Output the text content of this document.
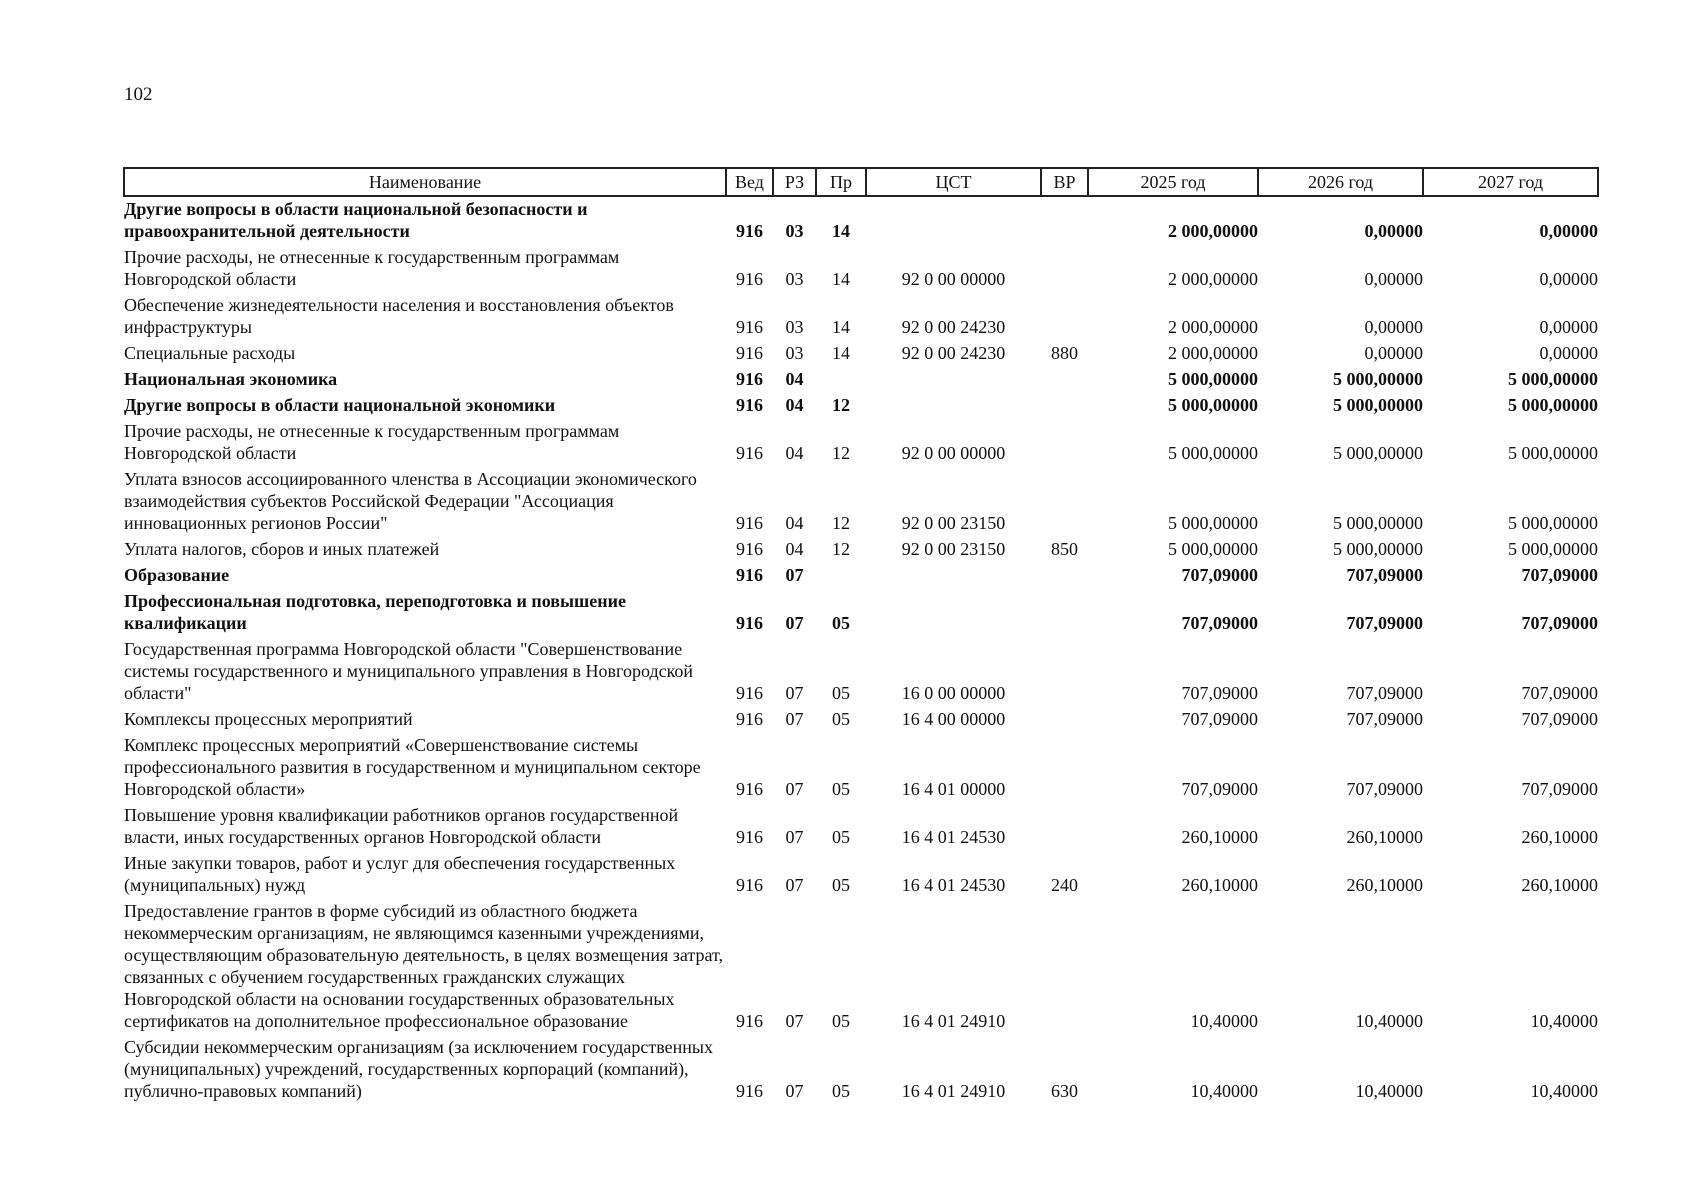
102
Наименование	Вед	РЗ	Пр	ЦСТ	ВР	2025 год	2026 год	2027 год
Другие вопросы в области национальной безопасности и правоохранительной деятельности	916	03	14			2 000,00000	0,00000	0,00000
Прочие расходы, не отнесенные к государственным программам Новгородской области	916	03	14	92 0 00 00000		2 000,00000	0,00000	0,00000
Обеспечение жизнедеятельности населения и восстановления объектов инфраструктуры	916	03	14	92 0 00 24230		2 000,00000	0,00000	0,00000
Специальные расходы	916	03	14	92 0 00 24230	880	2 000,00000	0,00000	0,00000
Национальная экономика	916	04				5 000,00000	5 000,00000	5 000,00000
Другие вопросы в области национальной экономики	916	04	12			5 000,00000	5 000,00000	5 000,00000
Прочие расходы, не отнесенные к государственным программам Новгородской области	916	04	12	92 0 00 00000		5 000,00000	5 000,00000	5 000,00000
Уплата взносов ассоциированного членства в Ассоциации экономического взаимодействия субъектов Российской Федерации "Ассоциация инновационных регионов России"	916	04	12	92 0 00 23150		5 000,00000	5 000,00000	5 000,00000
Уплата налогов, сборов и иных платежей	916	04	12	92 0 00 23150	850	5 000,00000	5 000,00000	5 000,00000
Образование	916	07				707,09000	707,09000	707,09000
Профессиональная подготовка, переподготовка и повышение квалификации	916	07	05			707,09000	707,09000	707,09000
Государственная программа Новгородской области "Совершенствование системы государственного и муниципального управления в Новгородской области"	916	07	05	16 0 00 00000		707,09000	707,09000	707,09000
Комплексы процессных мероприятий	916	07	05	16 4 00 00000		707,09000	707,09000	707,09000
Комплекс процессных мероприятий «Совершенствование системы профессионального развития в государственном и муниципальном секторе Новгородской области»	916	07	05	16 4 01 00000		707,09000	707,09000	707,09000
Повышение уровня квалификации работников органов государственной власти, иных государственных органов Новгородской области	916	07	05	16 4 01 24530		260,10000	260,10000	260,10000
Иные закупки товаров, работ и услуг для обеспечения государственных (муниципальных) нужд	916	07	05	16 4 01 24530	240	260,10000	260,10000	260,10000
Предоставление грантов в форме субсидий из областного бюджета некоммерческим организациям, не являющимся казенными учреждениями, осуществляющим образовательную деятельность, в целях возмещения затрат, связанных с обучением государственных гражданских служащих Новгородской области на основании государственных образовательных сертификатов на дополнительное профессиональное образование	916	07	05	16 4 01 24910		10,40000	10,40000	10,40000
Субсидии некоммерческим организациям (за исключением государственных (муниципальных) учреждений, государственных корпораций (компаний), публично-правовых компаний)	916	07	05	16 4 01 24910	630	10,40000	10,40000	10,40000
